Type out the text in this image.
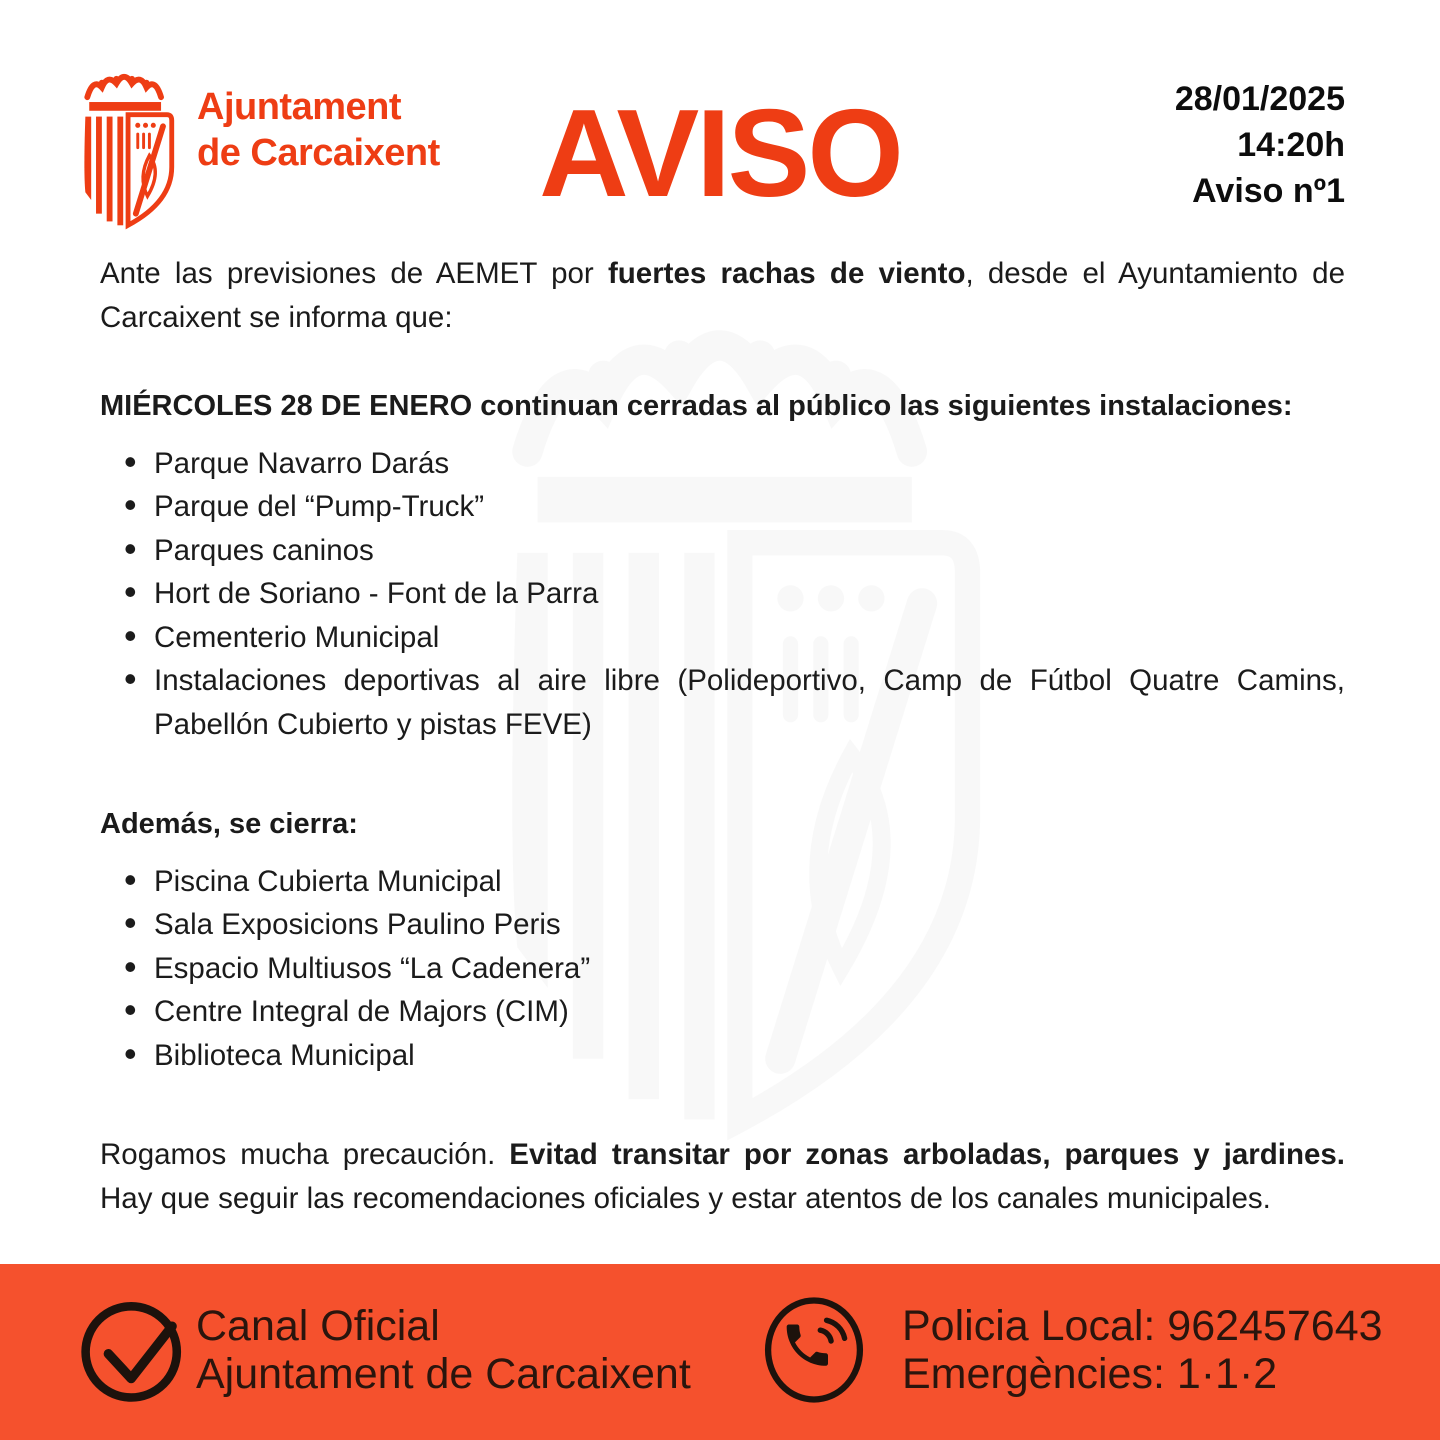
Ajuntament
de Carcaixent AVISO	28/01/2025
14:20h
Aviso nº1

Ante las previsiones de AEMET por fuertes rachas de viento, desde el Ayuntamiento de Carcaixent se informa que:

MIÉRCOLES 28 DE ENERO continuan cerradas al público las siguientes instalaciones:
• Parque Navarro Darás
• Parque del “Pump-Truck”
• Parques caninos
• Hort de Soriano - Font de la Parra
• Cementerio Municipal
• Instalaciones deportivas al aire libre (Polideportivo, Camp de Fútbol Quatre Camins, Pabellón Cubierto y pistas FEVE)
Además, se cierra:
• Piscina Cubierta Municipal
• Sala Exposicions Paulino Peris
• Espacio Multiusos “La Cadenera”
• Centre Integral de Majors (CIM)
• Biblioteca Municipal

Rogamos mucha precaución. Evitad transitar por zonas arboladas, parques y jardines. Hay que seguir las recomendaciones oficiales y estar atentos de los canales municipales.

Canal Oficial
Ajuntament de Carcaixent
Policia Local: 962457643
Emergències: 1·1·2
